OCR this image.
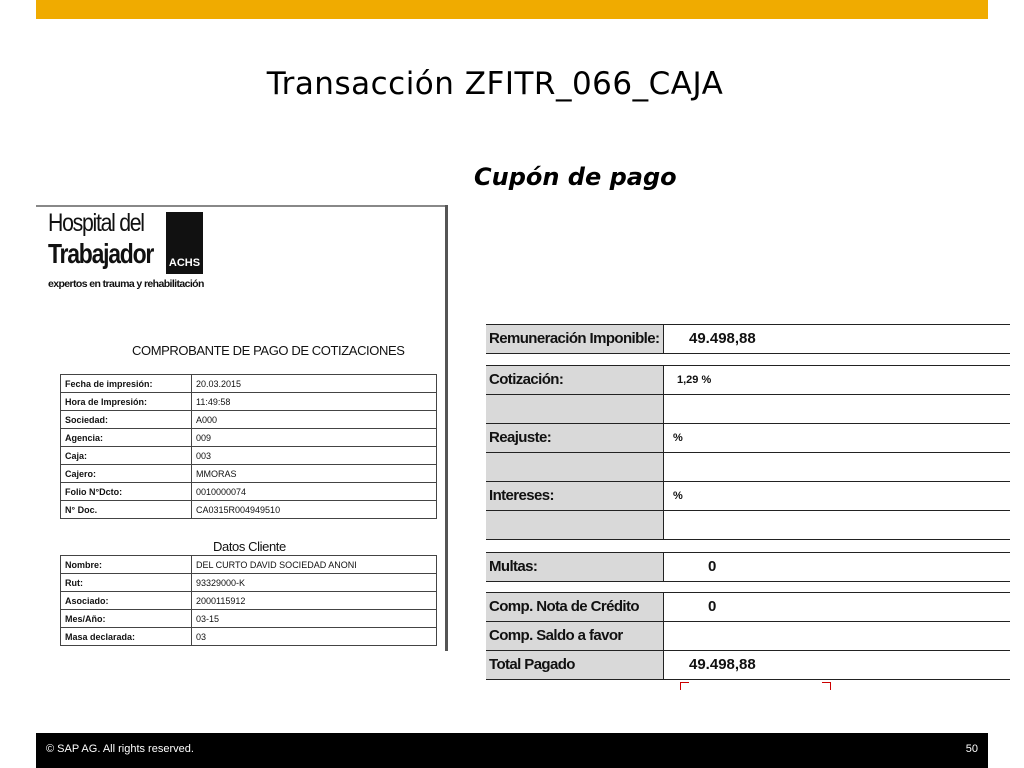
Transacción ZFITR_066_CAJA
Cupón de pago
Hospital del
Trabajador ACHS
expertos en trauma y rehabilitación
COMPROBANTE DE PAGO DE COTIZACIONES
Fecha de impresión:	20.03.2015
Hora de Impresión:	11:49:58
Sociedad:	A000
Agencia:	009
Caja:	003
Cajero:	MMORAS
Folio N°Dcto:	0010000074
N° Doc.	CA0315R004949510
Datos Cliente
Nombre:	DEL CURTO DAVID SOCIEDAD ANONI
Rut:	93329000-K
Asociado:	2000115912
Mes/Año:	03-15
Masa declarada:	03
Remuneración Imponible:	49.498,88
Cotización:	1,29 %
Reajuste:	%
Intereses:	%
Multas:	0
Comp. Nota de Crédito	0
Comp. Saldo a favor
Total Pagado	49.498,88
© SAP AG. All rights reserved.	50
